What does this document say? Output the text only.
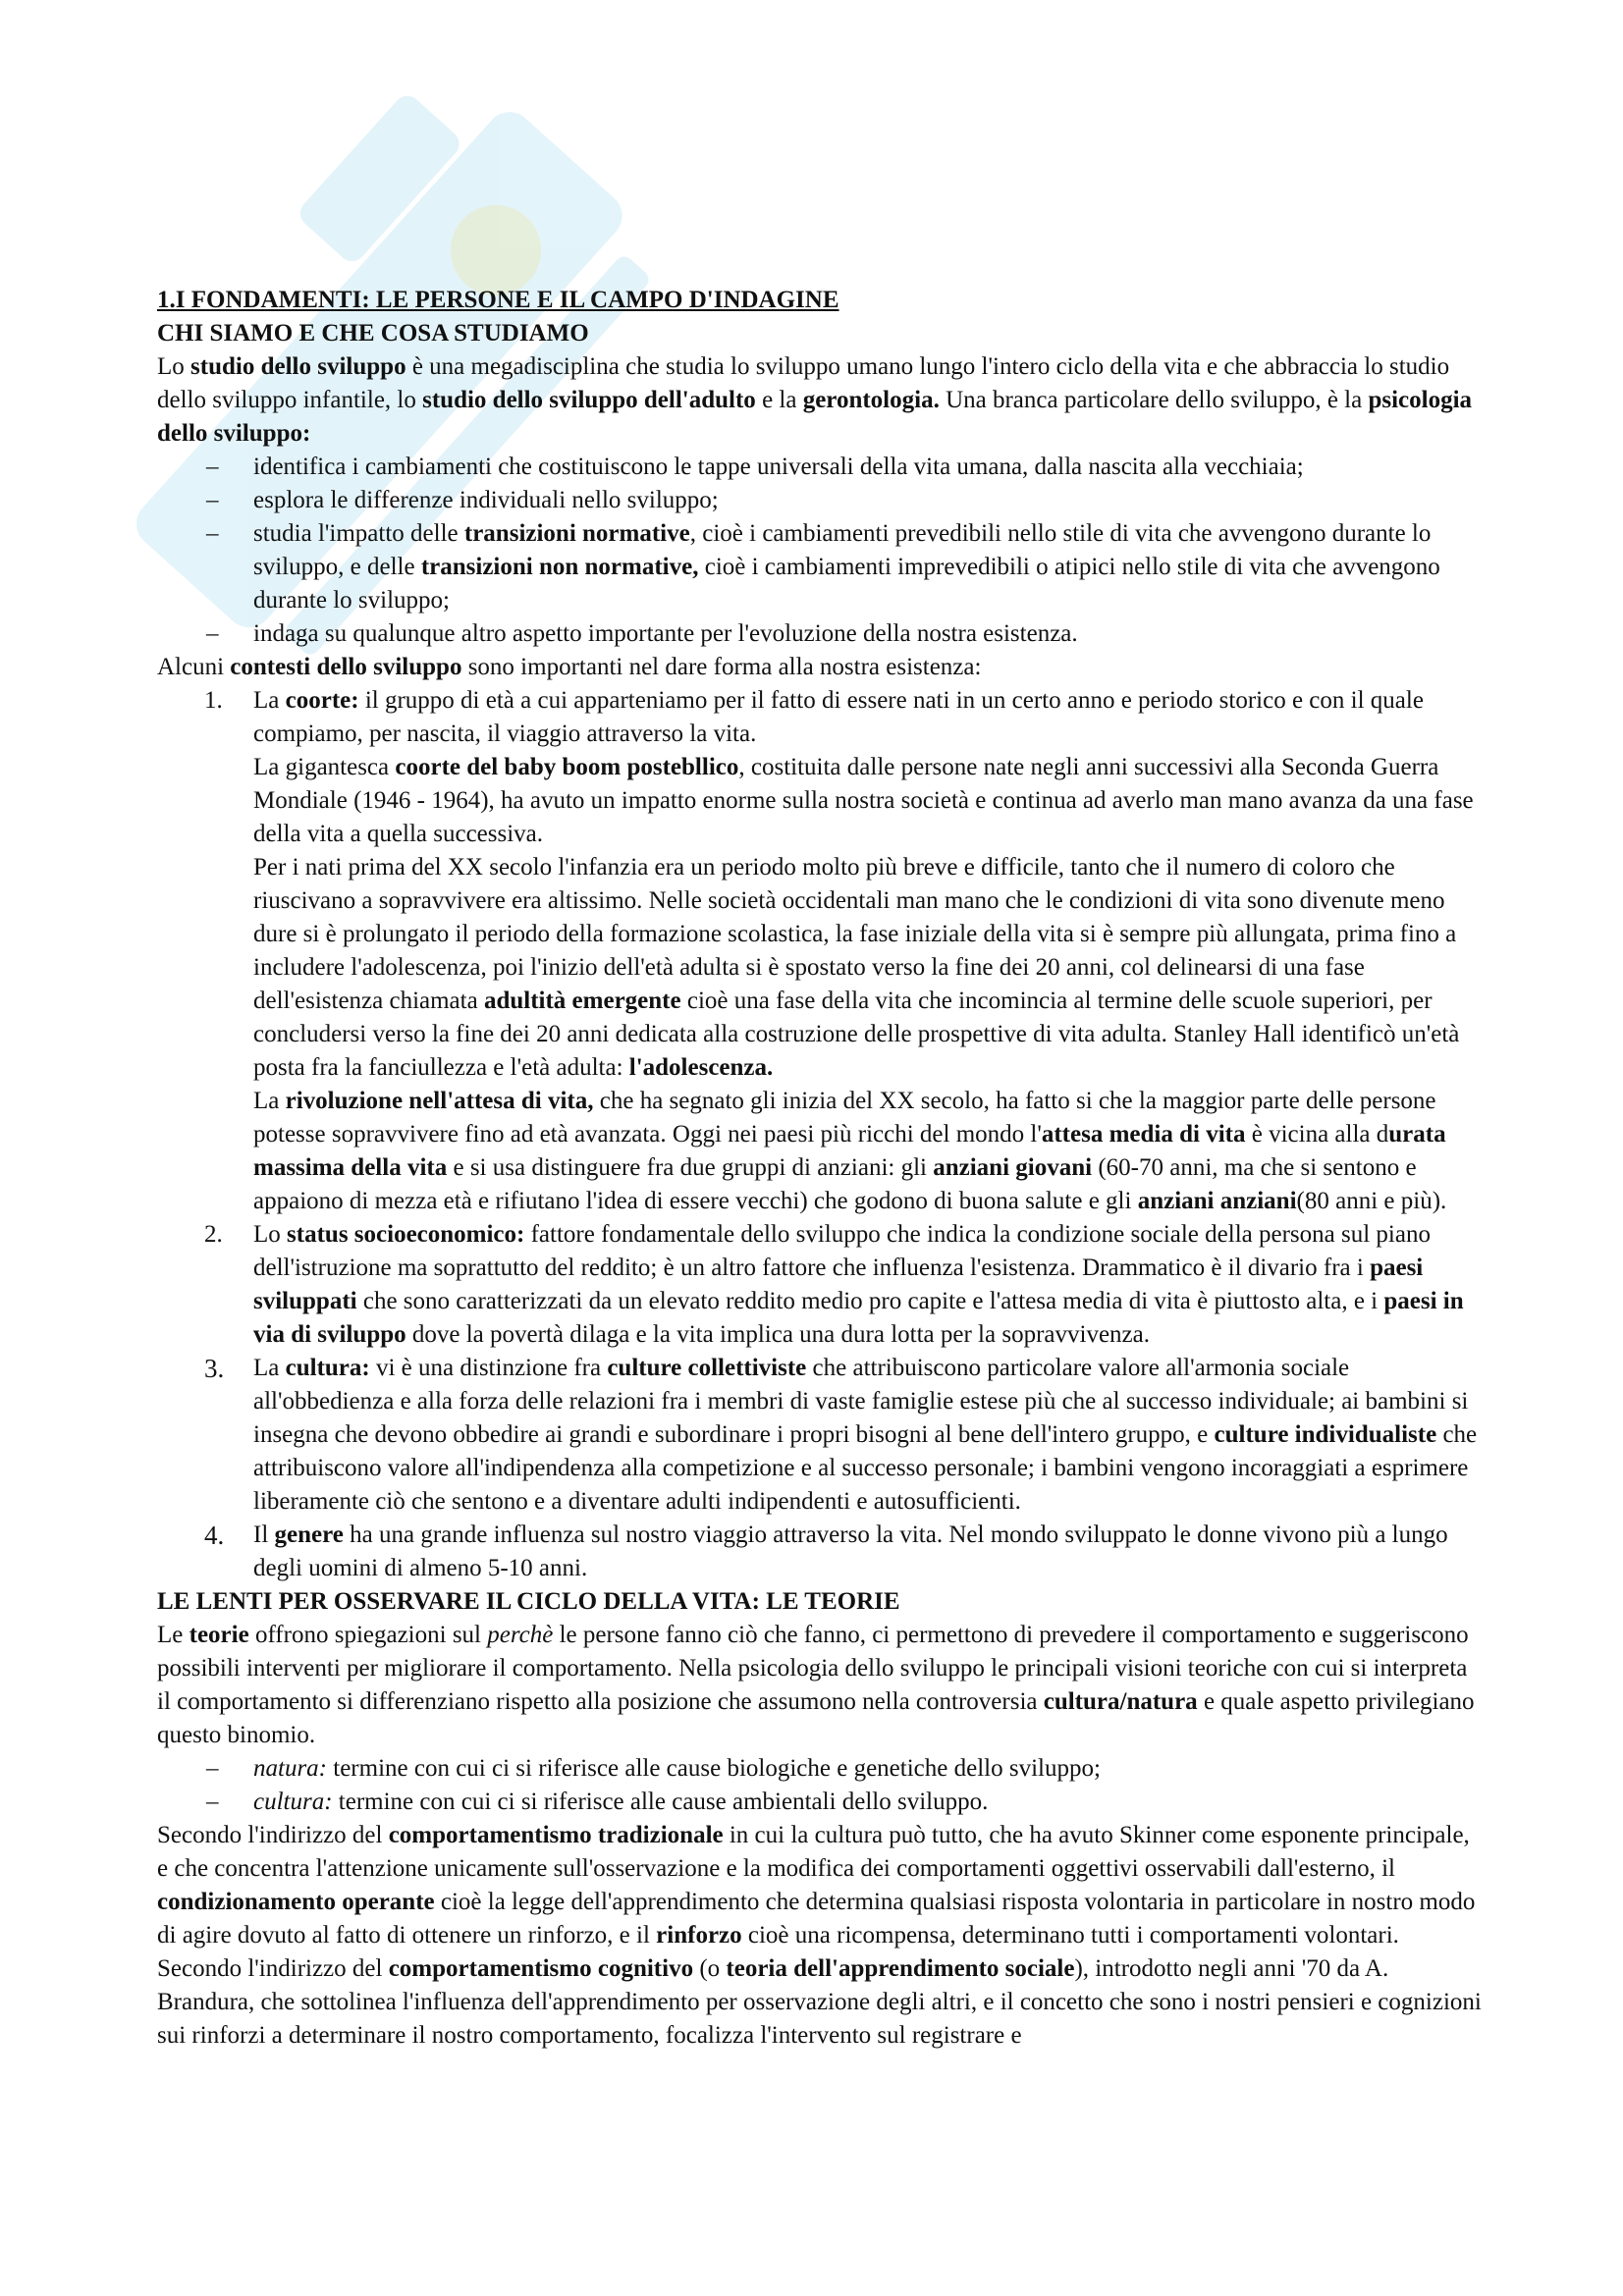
1.I FONDAMENTI: LE PERSONE E IL CAMPO D'INDAGINE

CHI SIAMO E CHE COSA STUDIAMO

Lo studio dello sviluppo è una megadisciplina che studia lo sviluppo umano lungo l'intero ciclo della vita e che abbraccia lo studio dello sviluppo infantile, lo studio dello sviluppo dell'adulto e la gerontologia. Una branca particolare dello sviluppo, è la psicologia dello sviluppo:

– identifica i cambiamenti che costituiscono le tappe universali della vita umana, dalla nascita alla vecchiaia;
– esplora le differenze individuali nello sviluppo;
– studia l'impatto delle transizioni normative, cioè i cambiamenti prevedibili nello stile di vita che avvengono durante lo sviluppo, e delle transizioni non normative, cioè i cambiamenti imprevedibili o atipici nello stile di vita che avvengono durante lo sviluppo;
– indaga su qualunque altro aspetto importante per l'evoluzione della nostra esistenza.

Alcuni contesti dello sviluppo sono importanti nel dare forma alla nostra esistenza:

1. La coorte: il gruppo di età a cui apparteniamo per il fatto di essere nati in un certo anno e periodo storico e con il quale compiamo, per nascita, il viaggio attraverso la vita.

La gigantesca coorte del baby boom postebllico, costituita dalle persone nate negli anni successivi alla Seconda Guerra Mondiale (1946 - 1964), ha avuto un impatto enorme sulla nostra società e continua ad averlo man mano avanza da una fase della vita a quella successiva.

Per i nati prima del XX secolo l'infanzia era un periodo molto più breve e difficile, tanto che il numero di coloro che riuscivano a sopravvivere era altissimo. Nelle società occidentali man mano che le condizioni di vita sono divenute meno dure si è prolungato il periodo della formazione scolastica, la fase iniziale della vita si è sempre più allungata, prima fino a includere l'adolescenza, poi l'inizio dell'età adulta si è spostato verso la fine dei 20 anni, col delinearsi di una fase dell'esistenza chiamata adultità emergente cioè una fase della vita che incomincia al termine delle scuole superiori, per concludersi verso la fine dei 20 anni dedicata alla costruzione delle prospettive di vita adulta. Stanley Hall identificò un'età posta fra la fanciullezza e l'età adulta: l'adolescenza.

La rivoluzione nell'attesa di vita, che ha segnato gli inizia del XX secolo, ha fatto si che la maggior parte delle persone potesse sopravvivere fino ad età avanzata. Oggi nei paesi più ricchi del mondo l'attesa media di vita è vicina alla durata massima della vita e si usa distinguere fra due gruppi di anziani: gli anziani giovani (60-70 anni, ma che si sentono e appaiono di mezza età e rifiutano l'idea di essere vecchi) che godono di buona salute e gli anziani anziani(80 anni e più).

2. Lo status socioeconomico: fattore fondamentale dello sviluppo che indica la condizione sociale della persona sul piano dell'istruzione ma soprattutto del reddito; è un altro fattore che influenza l'esistenza. Drammatico è il divario fra i paesi sviluppati che sono caratterizzati da un elevato reddito medio pro capite e l'attesa media di vita è piuttosto alta, e i paesi in via di sviluppo dove la povertà dilaga e la vita implica una dura lotta per la sopravvivenza.
3. La cultura: vi è una distinzione fra culture collettiviste che attribuiscono particolare valore all'armonia sociale all'obbedienza e alla forza delle relazioni fra i membri di vaste famiglie estese più che al successo individuale; ai bambini si insegna che devono obbedire ai grandi e subordinare i propri bisogni al bene dell'intero gruppo, e culture individualiste che attribuiscono valore all'indipendenza alla competizione e al successo personale; i bambini vengono incoraggiati a esprimere liberamente ciò che sentono e a diventare adulti indipendenti e autosufficienti.
4. Il genere ha una grande influenza sul nostro viaggio attraverso la vita. Nel mondo sviluppato le donne vivono più a lungo degli uomini di almeno 5-10 anni.

LE LENTI PER OSSERVARE IL CICLO DELLA VITA: LE TEORIE

Le teorie offrono spiegazioni sul perchè le persone fanno ciò che fanno, ci permettono di prevedere il comportamento e suggeriscono possibili interventi per migliorare il comportamento. Nella psicologia dello sviluppo le principali visioni teoriche con cui si interpreta il comportamento si differenziano rispetto alla posizione che assumono nella controversia cultura/natura e quale aspetto privilegiano questo binomio.

– natura: termine con cui ci si riferisce alle cause biologiche e genetiche dello sviluppo;
– cultura: termine con cui ci si riferisce alle cause ambientali dello sviluppo.

Secondo l'indirizzo del comportamentismo tradizionale in cui la cultura può tutto, che ha avuto Skinner come esponente principale, e che concentra l'attenzione unicamente sull'osservazione e la modifica dei comportamenti oggettivi osservabili dall'esterno, il condizionamento operante cioè la legge dell'apprendimento che determina qualsiasi risposta volontaria in particolare in nostro modo di agire dovuto al fatto di ottenere un rinforzo, e il rinforzo cioè una ricompensa, determinano tutti i comportamenti volontari.

Secondo l'indirizzo del comportamentismo cognitivo (o teoria dell'apprendimento sociale), introdotto negli anni '70 da A. Brandura, che sottolinea l'influenza dell'apprendimento per osservazione degli altri, e il concetto che sono i nostri pensieri e cognizioni sui rinforzi a determinare il nostro comportamento, focalizza l'intervento sul registrare e
